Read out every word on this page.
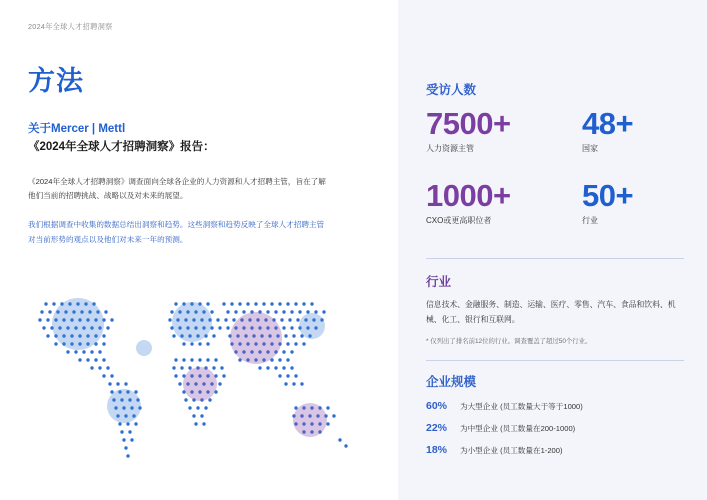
2024年全球人才招聘洞察
方法

关于Mercer | Mettl

《2024年全球人才招聘洞察》报告：

《2024年全球人才招聘洞察》调查面向全球各企业的人力资源和人才招聘主管，旨在了解他们当前的招聘挑战、战略以及对未来的展望。

我们根据调查中收集的数据总结出洞察和趋势。这些洞察和趋势反映了全球人才招聘主管对当前形势的观点以及他们对未来一年的预测。

受访人数
7500+
人力资源主管
48+
国家
1000+
CXO或更高职位者
50+
行业
行业

信息技术、金融服务、制造、运输、医疗、零售、汽车、食品和饮料、机械、化工、银行和互联网。

* 仅列出了排名前12位的行业。调查覆盖了超过50个行业。

企业规模
60%	为大型企业 (员工数量大于等于1000)
22%	为中型企业 (员工数量在200-1000)
18%	为小型企业 (员工数量在1-200)
